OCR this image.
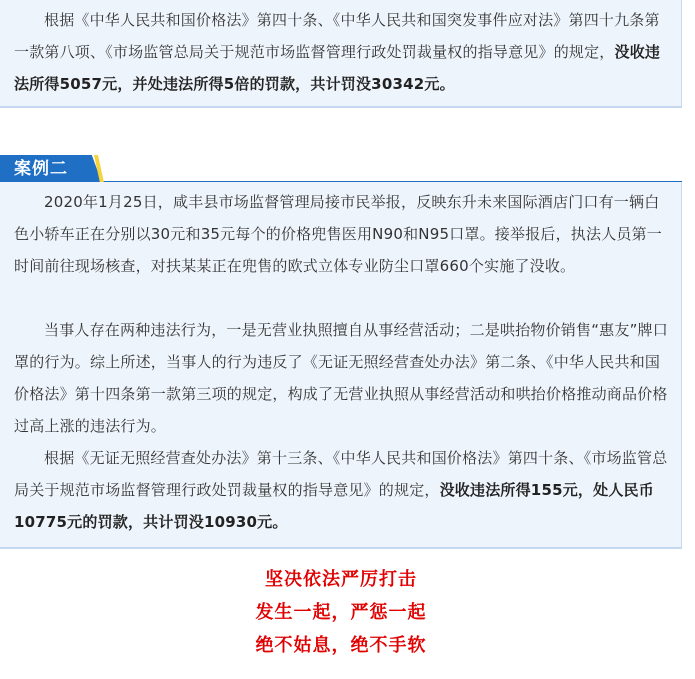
根据《中华人民共和国价格法》第四十条、《中华人民共和国突发事件应对法》第四十九条第一款第八项、《市场监管总局关于规范市场监督管理行政处罚裁量权的指导意见》的规定，没收违法所得5057元，并处违法所得5倍的罚款，共计罚没30342元。

案例二

2020年1月25日，咸丰县市场监督管理局接市民举报，反映东升未来国际酒店门口有一辆白色小轿车正在分别以30元和35元每个的价格兜售医用N90和N95口罩。接举报后，执法人员第一时间前往现场核查，对扶某某正在兜售的欧式立体专业防尘口罩660个实施了没收。

当事人存在两种违法行为，一是无营业执照擅自从事经营活动；二是哄抬物价销售“惠友”牌口罩的行为。综上所述，当事人的行为违反了《无证无照经营查处办法》第二条、《中华人民共和国价格法》第十四条第一款第三项的规定，构成了无营业执照从事经营活动和哄抬价格推动商品价格过高上涨的违法行为。

根据《无证无照经营查处办法》第十三条、《中华人民共和国价格法》第四十条、《市场监管总局关于规范市场监督管理行政处罚裁量权的指导意见》的规定，没收违法所得155元，处人民币10775元的罚款，共计罚没10930元。

坚决依法严厉打击
发生一起，严惩一起
绝不姑息，绝不手软
